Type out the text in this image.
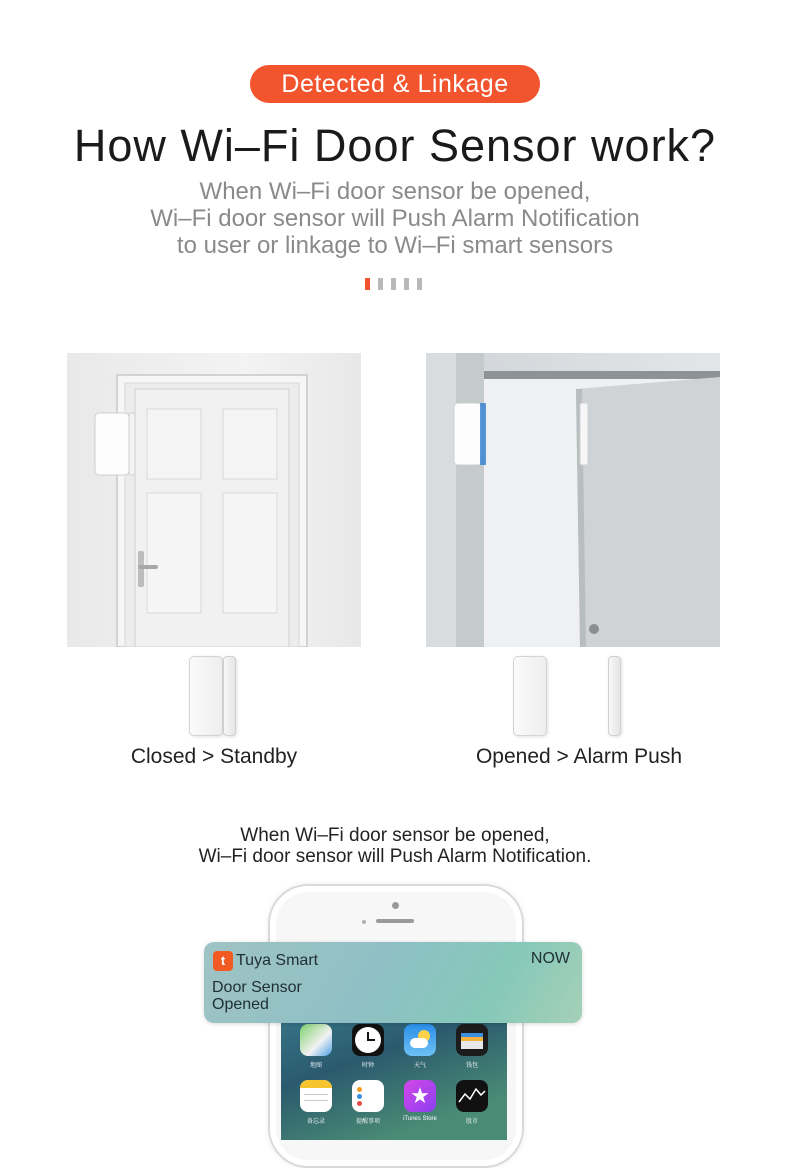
Detected & Linkage
How Wi–Fi Door Sensor work?
When Wi–Fi door sensor be opened,
Wi–Fi door sensor will Push Alarm Notification
to user or linkage to Wi–Fi smart sensors
Closed > Standby	Opened > Alarm Push
When Wi–Fi door sensor be opened,
Wi–Fi door sensor will Push Alarm Notification.
地图	时钟	天气	钱包
备忘录	提醒事项
★
iTunes Store	股市
t Tuya Smart	NOW
Door Sensor
Opened
